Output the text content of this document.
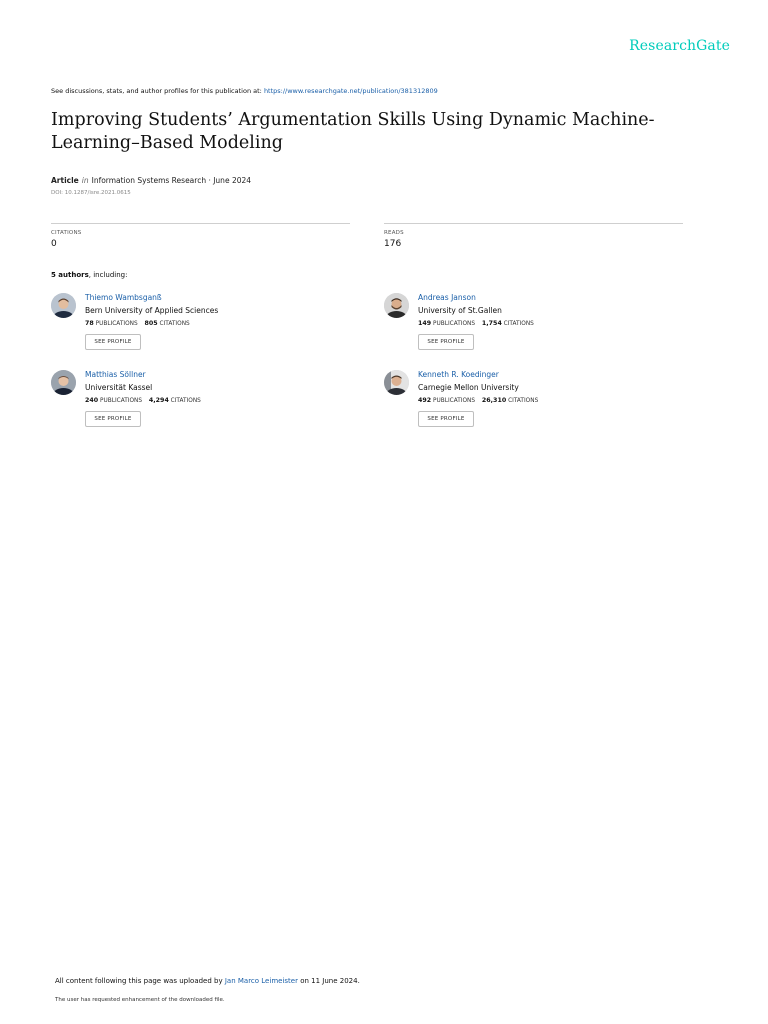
ResearchGate
See discussions, stats, and author profiles for this publication at: https://www.researchgate.net/publication/381312809
Improving Students’ Argumentation Skills Using Dynamic Machine-Learning–Based Modeling
Article in Information Systems Research · June 2024
DOI: 10.1287/isre.2021.0615
CITATIONS
0
READS
176
5 authors, including:
Thiemo Wambsganß
Bern University of Applied Sciences
78 PUBLICATIONS 805 CITATIONS
SEE PROFILE
Andreas Janson
University of St.Gallen
149 PUBLICATIONS 1,754 CITATIONS
SEE PROFILE
Matthias Söllner
Universität Kassel
240 PUBLICATIONS 4,294 CITATIONS
SEE PROFILE
Kenneth R. Koedinger
Carnegie Mellon University
492 PUBLICATIONS 26,310 CITATIONS
SEE PROFILE
All content following this page was uploaded by Jan Marco Leimeister on 11 June 2024.
The user has requested enhancement of the downloaded file.
